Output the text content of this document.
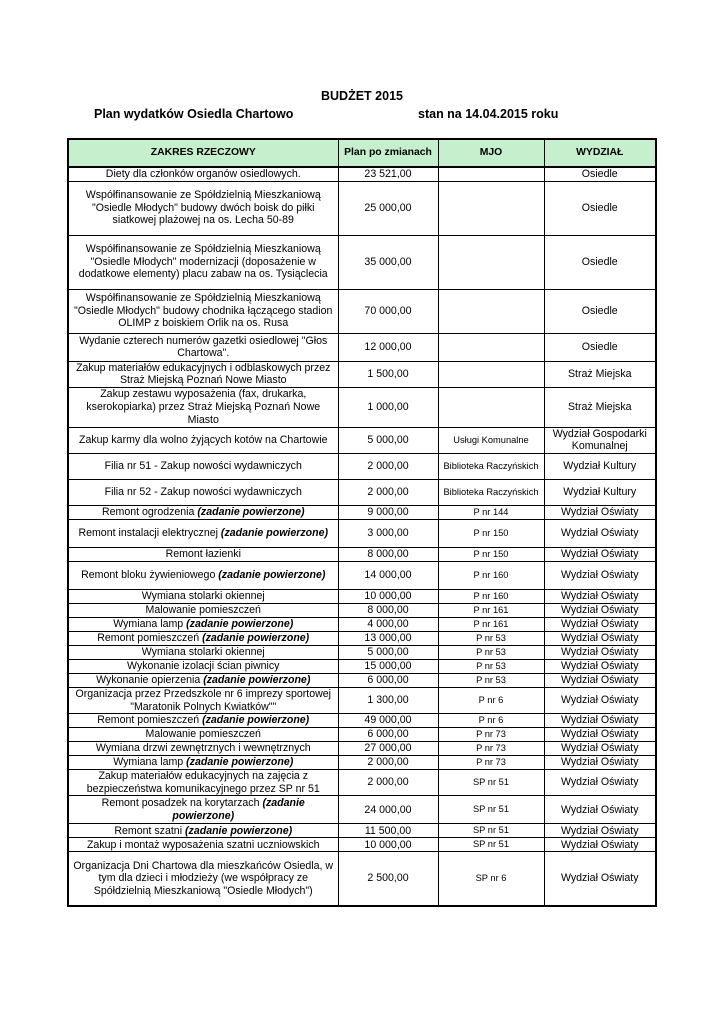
BUDŻET 2015
Plan wydatków Osiedla Chartowo	stan na 14.04.2015 roku
ZAKRES RZECZOWY	Plan po zmianach	MJO	WYDZIAŁ
Diety dla członków organów osiedlowych.	23 521,00		Osiedle
Współfinansowanie ze Spółdzielnią Mieszkaniową "Osiedle Młodych" budowy dwóch boisk do piłki siatkowej plażowej na os. Lecha 50-89	25 000,00		Osiedle
Współfinansowanie ze Spółdzielnią Mieszkaniową "Osiedle Młodych" modernizacji (doposażenie w dodatkowe elementy) placu zabaw na os. Tysiąclecia	35 000,00		Osiedle
Współfinansowanie ze Spółdzielnią Mieszkaniową "Osiedle Młodych" budowy chodnika łączącego stadion OLIMP z boiskiem Orlik na os. Rusa	70 000,00		Osiedle
Wydanie czterech numerów gazetki osiedlowej "Głos Chartowa".	12 000,00		Osiedle
Zakup materiałów edukacyjnych i odblaskowych przez Straż Miejską Poznań Nowe Miasto	1 500,00		Straż Miejska
Zakup zestawu wyposażenia (fax, drukarka, kserokopiarka) przez Straż Miejską Poznań Nowe Miasto	1 000,00		Straż Miejska
Zakup karmy dla wolno żyjących kotów na Chartowie	5 000,00	Usługi Komunalne	Wydział Gospodarki Komunalnej
Filia nr 51 - Zakup nowości wydawniczych	2 000,00	Biblioteka Raczyńskich	Wydział Kultury
Filia nr 52 - Zakup nowości wydawniczych	2 000,00	Biblioteka Raczyńskich	Wydział Kultury
Remont ogrodzenia (zadanie powierzone)	9 000,00	P nr 144	Wydział Oświaty
Remont instalacji elektrycznej (zadanie powierzone)	3 000,00	P nr 150	Wydział Oświaty
Remont łazienki	8 000,00	P nr 150	Wydział Oświaty
Remont bloku żywieniowego (zadanie powierzone)	14 000,00	P nr 160	Wydział Oświaty
Wymiana stolarki okiennej	10 000,00	P nr 160	Wydział Oświaty
Malowanie pomieszczeń	8 000,00	P nr 161	Wydział Oświaty
Wymiana lamp (zadanie powierzone)	4 000,00	P nr 161	Wydział Oświaty
Remont pomieszczeń (zadanie powierzone)	13 000,00	P nr 53	Wydział Oświaty
Wymiana stolarki okiennej	5 000,00	P nr 53	Wydział Oświaty
Wykonanie izolacji ścian piwnicy	15 000,00	P nr 53	Wydział Oświaty
Wykonanie opierzenia (zadanie powierzone)	6 000,00	P nr 53	Wydział Oświaty
Organizacja przez Przedszkole nr 6 imprezy sportowej "Maratonik Polnych Kwiatków""	1 300,00	P nr 6	Wydział Oświaty
Remont pomieszczeń (zadanie powierzone)	49 000,00	P nr 6	Wydział Oświaty
Malowanie pomieszczeń	6 000,00	P nr 73	Wydział Oświaty
Wymiana drzwi zewnętrznych i wewnętrznych	27 000,00	P nr 73	Wydział Oświaty
Wymiana lamp (zadanie powierzone)	2 000,00	P nr 73	Wydział Oświaty
Zakup materiałów edukacyjnych na zajęcia z bezpieczeństwa komunikacyjnego przez SP nr 51	2 000,00	SP nr 51	Wydział Oświaty
Remont posadzek na korytarzach (zadanie powierzone)	24 000,00	SP nr 51	Wydział Oświaty
Remont szatni (zadanie powierzone)	11 500,00	SP nr 51	Wydział Oświaty
Zakup i montaż wyposażenia szatni uczniowskich	10 000,00	SP nr 51	Wydział Oświaty
Organizacja Dni Chartowa dla mieszkańców Osiedla, w tym dla dzieci i młodzieży (we współpracy ze Spółdzielnią Mieszkaniową "Osiedle Młodych")	2 500,00	SP nr 6	Wydział Oświaty
